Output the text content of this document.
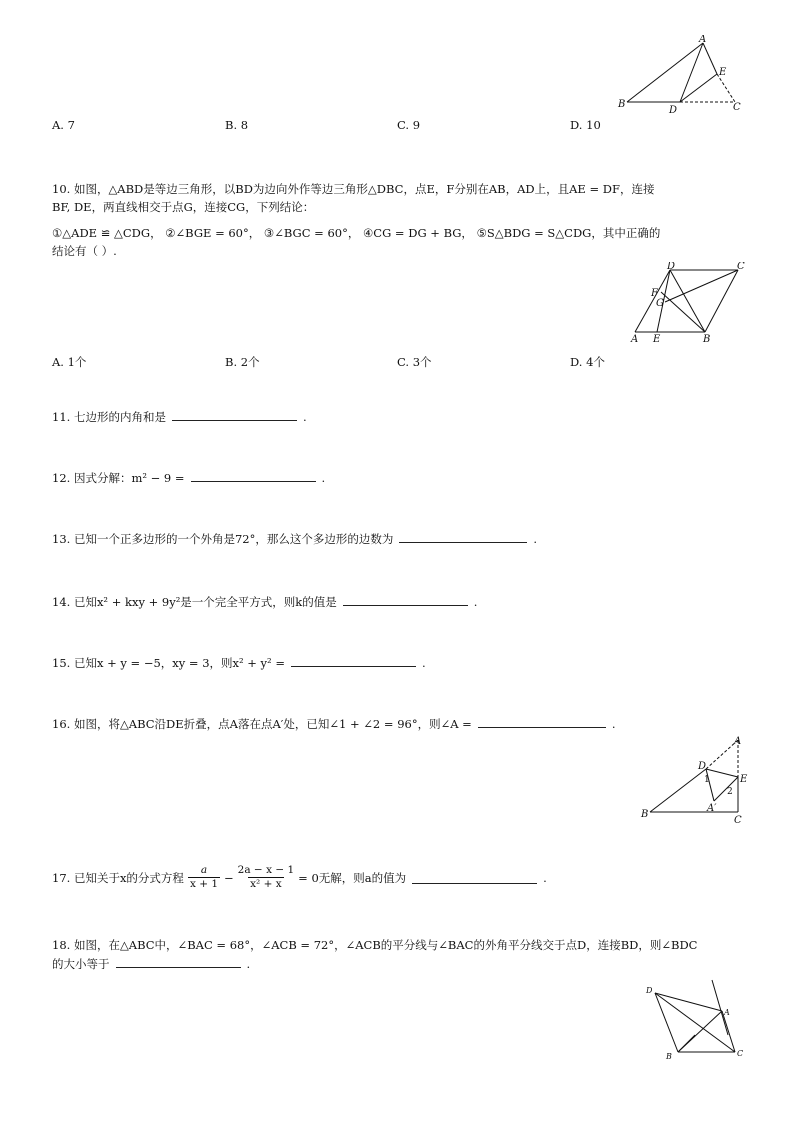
A
B	C
D
E
A. 7	B. 8	C. 9	D. 10
10. 如图，△ABD是等边三角形，以BD为边向外作等边三角形△DBC，点E，F分别在AB，AD上，且AE = DF，连接
BF, DE，两直线相交于点G，连接CG，下列结论：
①△ADE ≌ △CDG， ②∠BGE = 60°， ③∠BGC = 60°， ④CG = DG + BG， ⑤S△BDG = S△CDG，其中正确的
结论有（ ）.
D	C
F
G
A E	B
A. 1个	B. 2个	C. 3个	D. 4个
11. 七边形的内角和是	.
12. 因式分解：m² − 9 =	.
13. 已知一个正多边形的一个外角是72°，那么这个多边形的边数为	.
14. 已知x² + kxy + 9y²是一个完全平方式，则k的值是	.
15. 已知x + y = −5，xy = 3，则x² + y² =	.
16. 如图，将△ABC沿DE折叠，点A落在点A′处，已知∠1 + ∠2 = 96°，则∠A =	.
A
D
E
1
2
A′
B
C
17. 已知关于x的分式方程 $\frac{a}{x + 1} - \frac{2a - x - 1}{\text{x² + x}} = 0$无解，则a的值为	.
18. 如图，在△ABC中，∠BAC = 68°，∠ACB = 72°，∠ACB的平分线与∠BAC的外角平分线交于点D，连接BD，则∠BDC
的大小等于	.
D
A
B	C
